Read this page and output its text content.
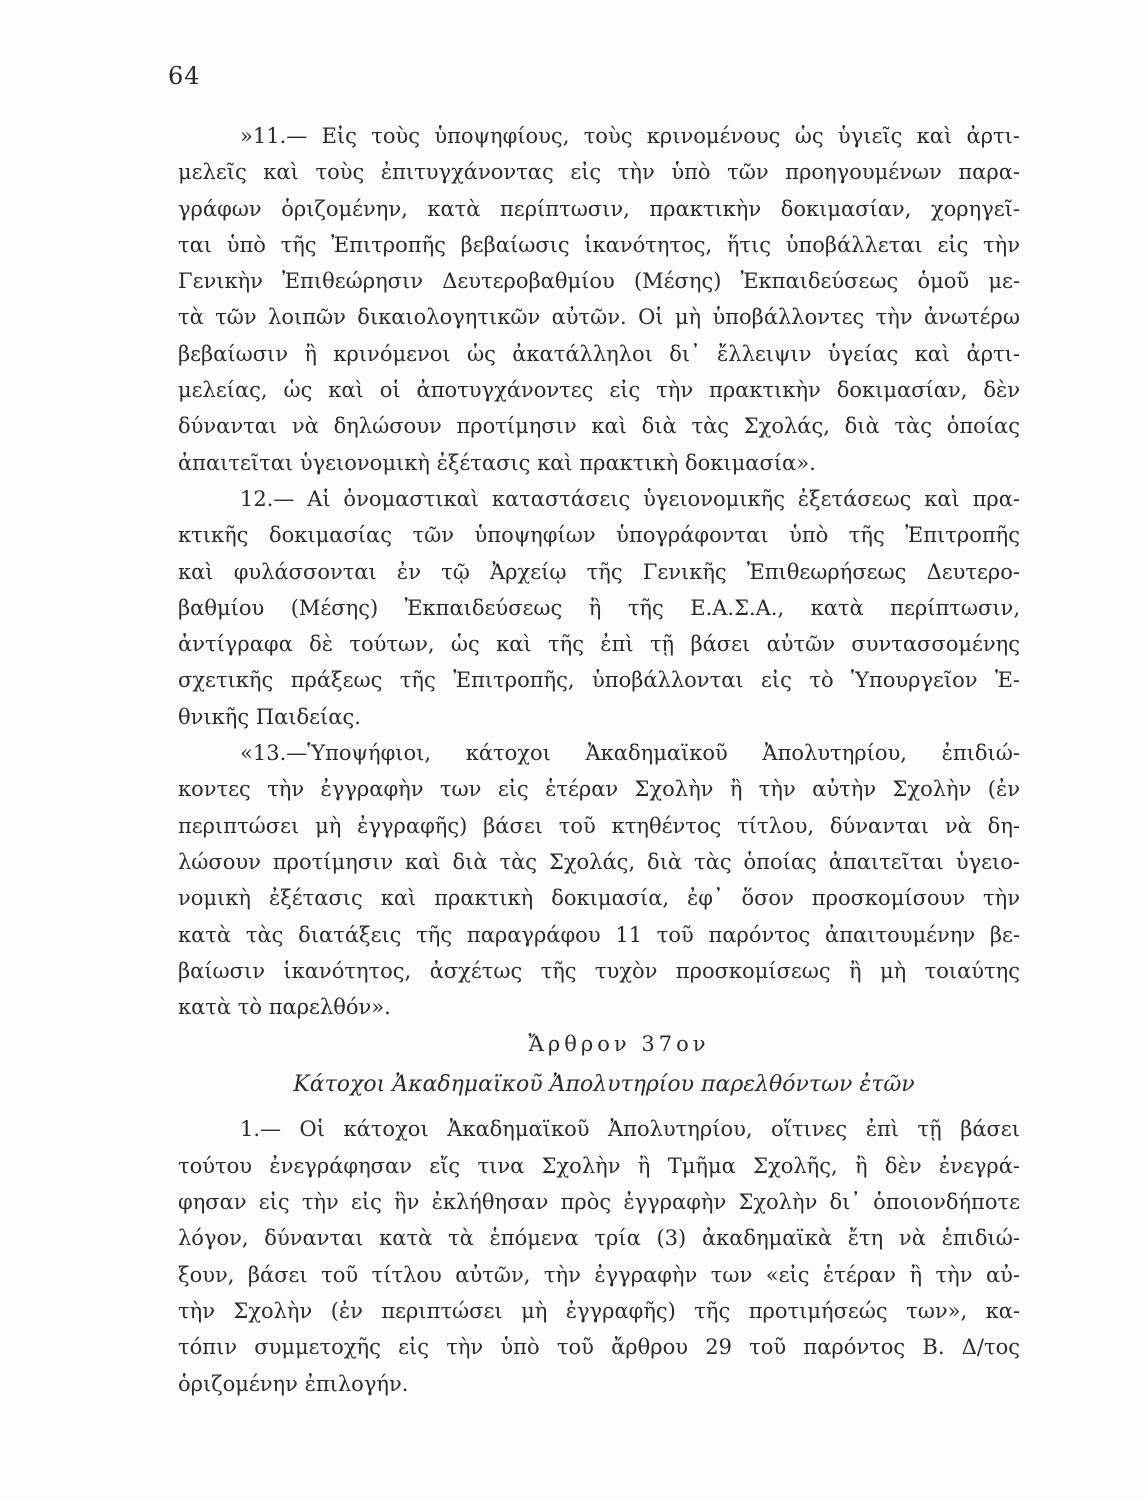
64
»11.— Εἰς τοὺς ὑποψηφίους, τοὺς κρινομένους ὡς ὑγιεῖς καὶ ἀρτι-
μελεῖς καὶ τοὺς ἐπιτυγχάνοντας εἰς τὴν ὑπὸ τῶν προηγουμένων παρα-
γράφων ὁριζομένην, κατὰ περίπτωσιν, πρακτικὴν δοκιμασίαν, χορηγεῖ-
ται ὑπὸ τῆς Ἐπιτροπῆς βεβαίωσις ἱκανότητος, ἥτις ὑποβάλλεται εἰς τὴν
Γενικὴν Ἐπιθεώρησιν Δευτεροβαθμίου (Μέσης) Ἐκπαιδεύσεως ὁμοῦ με-
τὰ τῶν λοιπῶν δικαιολογητικῶν αὐτῶν. Οἱ μὴ ὑποβάλλοντες τὴν ἀνωτέρω
βεβαίωσιν ἢ κρινόμενοι ὡς ἀκατάλληλοι δι᾿ ἔλλειψιν ὑγείας καὶ ἀρτι-
μελείας, ὡς καὶ οἱ ἀποτυγχάνοντες εἰς τὴν πρακτικὴν δοκιμασίαν, δὲν
δύνανται νὰ δηλώσουν προτίμησιν καὶ διὰ τὰς Σχολάς, διὰ τὰς ὁποίας
ἀπαιτεῖται ὑγειονομικὴ ἐξέτασις καὶ πρακτικὴ δοκιμασία».
12.— Αἱ ὀνομαστικαὶ καταστάσεις ὑγειονομικῆς ἐξετάσεως καὶ πρα-
κτικῆς δοκιμασίας τῶν ὑποψηφίων ὑπογράφονται ὑπὸ τῆς Ἐπιτροπῆς
καὶ φυλάσσονται ἐν τῷ Ἀρχείῳ τῆς Γενικῆς Ἐπιθεωρήσεως Δευτερο-
βαθμίου (Μέσης) Ἐκπαιδεύσεως ἢ τῆς Ε.Α.Σ.Α., κατὰ περίπτωσιν,
ἀντίγραφα δὲ τούτων, ὡς καὶ τῆς ἐπὶ τῇ βάσει αὐτῶν συντασσομένης
σχετικῆς πράξεως τῆς Ἐπιτροπῆς, ὑποβάλλονται εἰς τὸ Ὑπουργεῖον Ἐ-
θνικῆς Παιδείας.
«13.—Ὑποψήφιοι, κάτοχοι Ἀκαδημαϊκοῦ Ἀπολυτηρίου, ἐπιδιώ-
κοντες τὴν ἐγγραφὴν των εἰς ἑτέραν Σχολὴν ἢ τὴν αὐτὴν Σχολὴν (ἐν
περιπτώσει μὴ ἐγγραφῆς) βάσει τοῦ κτηθέντος τίτλου, δύνανται νὰ δη-
λώσουν προτίμησιν καὶ διὰ τὰς Σχολάς, διὰ τὰς ὁποίας ἀπαιτεῖται ὑγειο-
νομικὴ ἐξέτασις καὶ πρακτικὴ δοκιμασία, ἐφ᾿ ὅσον προσκομίσουν τὴν
κατὰ τὰς διατάξεις τῆς παραγράφου 11 τοῦ παρόντος ἀπαιτουμένην βε-
βαίωσιν ἱκανότητος, ἀσχέτως τῆς τυχὸν προσκομίσεως ἢ μὴ τοιαύτης
κατὰ τὸ παρελθόν».
Ἄρθρον 37ον
Κάτοχοι Ἀκαδημαϊκοῦ Ἀπολυτηρίου παρελθόντων ἐτῶν
1.— Οἱ κάτοχοι Ἀκαδημαϊκοῦ Ἀπολυτηρίου, οἵτινες ἐπὶ τῇ βάσει
τούτου ἐνεγράφησαν εἴς τινα Σχολὴν ἢ Τμῆμα Σχολῆς, ἢ δὲν ἐνεγρά-
φησαν εἰς τὴν εἰς ἣν ἐκλήθησαν πρὸς ἐγγραφὴν Σχολὴν δι᾿ ὁποιονδήποτε
λόγον, δύνανται κατὰ τὰ ἑπόμενα τρία (3) ἀκαδημαϊκὰ ἔτη νὰ ἐπιδιώ-
ξουν, βάσει τοῦ τίτλου αὐτῶν, τὴν ἐγγραφὴν των «εἰς ἑτέραν ἢ τὴν αὐ-
τὴν Σχολὴν (ἐν περιπτώσει μὴ ἐγγραφῆς) τῆς προτιμήσεώς των», κα-
τόπιν συμμετοχῆς εἰς τὴν ὑπὸ τοῦ ἄρθρου 29 τοῦ παρόντος Β. Δ/τος
ὁριζομένην ἐπιλογήν.
